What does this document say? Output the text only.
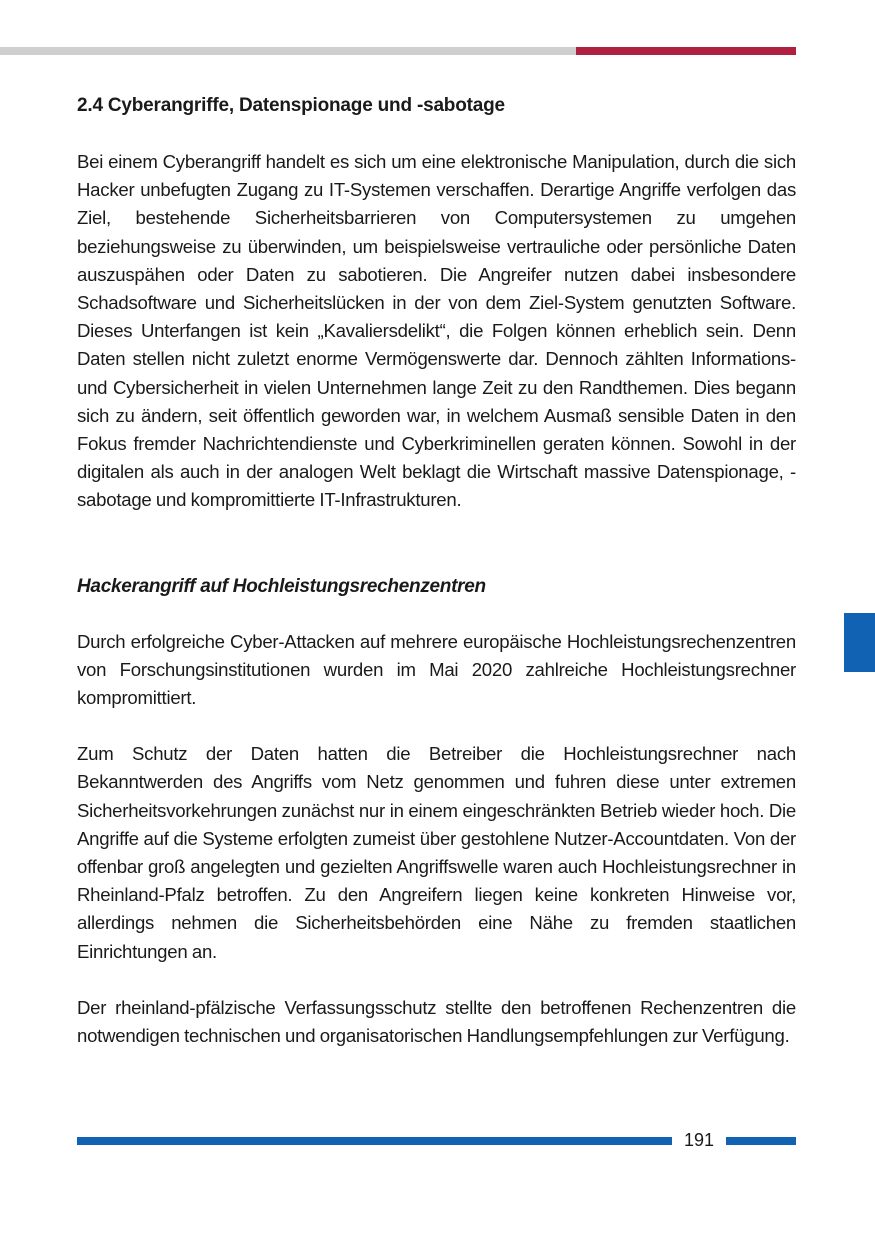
2.4 Cyberangriffe, Datenspionage und -sabotage

Bei einem Cyberangriff handelt es sich um eine elektronische Manipulation, durch die sich Hacker unbefugten Zugang zu IT-Systemen verschaffen. Derartige Angriffe verfolgen das Ziel, bestehende Sicherheitsbarrieren von Computersystemen zu umgehen beziehungsweise zu überwinden, um beispielsweise vertrauliche oder persönliche Daten auszuspähen oder Daten zu sabotieren. Die Angreifer nutzen dabei insbesondere Schadsoftware und Sicherheitslücken in der von dem Ziel-System genutzten Software. Dieses Unterfangen ist kein „Kavaliersdelikt“, die Folgen können erheblich sein. Denn Daten stellen nicht zuletzt enorme Vermögenswerte dar. Dennoch zählten Informations- und Cybersicherheit in vielen Unternehmen lange Zeit zu den Randthemen. Dies begann sich zu ändern, seit öffentlich geworden war, in welchem Ausmaß sensible Daten in den Fokus fremder Nachrichtendienste und Cyberkriminellen geraten können. Sowohl in der digitalen als auch in der analogen Welt beklagt die Wirtschaft massive Datenspionage, -sabotage und kompromittierte IT-Infrastrukturen.

Hackerangriff auf Hochleistungsrechenzentren

Durch erfolgreiche Cyber-Attacken auf mehrere europäische Hochleistungsrechenzentren von Forschungsinstitutionen wurden im Mai 2020 zahlreiche Hochleistungsrechner kompromittiert.

Zum Schutz der Daten hatten die Betreiber die Hochleistungsrechner nach Bekanntwerden des Angriffs vom Netz genommen und fuhren diese unter extremen Sicherheitsvorkehrungen zunächst nur in einem eingeschränkten Betrieb wieder hoch. Die Angriffe auf die Systeme erfolgten zumeist über gestohlene Nutzer-Accountdaten. Von der offenbar groß angelegten und gezielten Angriffswelle waren auch Hochleistungsrechner in Rheinland-Pfalz betroffen. Zu den Angreifern liegen keine konkreten Hinweise vor, allerdings nehmen die Sicherheitsbehörden eine Nähe zu fremden staatlichen Einrichtungen an.

Der rheinland-pfälzische Verfassungsschutz stellte den betroffenen Rechenzentren die notwendigen technischen und organisatorischen Handlungsempfehlungen zur Verfügung.

191
